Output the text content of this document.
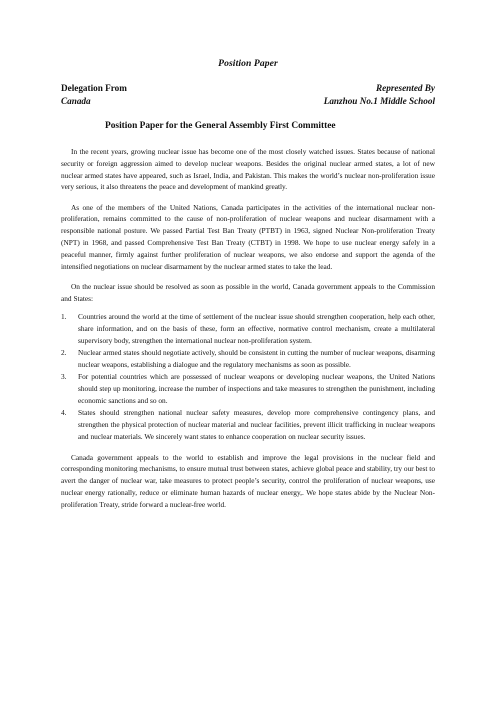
Position Paper
Delegation From	Represented By
Canada	Lanzhou No.1 Middle School
Position Paper for the General Assembly First Committee

In the recent years, growing nuclear issue has become one of the most closely watched issues. States because of national security or foreign aggression aimed to develop nuclear weapons. Besides the original nuclear armed states, a lot of new nuclear armed states have appeared, such as Israel, India, and Pakistan. This makes the world’s nuclear non-proliferation issue very serious, it also threatens the peace and development of mankind greatly.

As one of the members of the United Nations, Canada participates in the activities of the international nuclear non-proliferation, remains committed to the cause of non-proliferation of nuclear weapons and nuclear disarmament with a responsible national posture. We passed Partial Test Ban Treaty (PTBT) in 1963, signed Nuclear Non-proliferation Treaty (NPT) in 1968, and passed Comprehensive Test Ban Treaty (CTBT) in 1998. We hope to use nuclear energy safely in a peaceful manner, firmly against further proliferation of nuclear weapons, we also endorse and support the agenda of the intensified negotiations on nuclear disarmament by the nuclear armed states to take the lead.

On the nuclear issue should be resolved as soon as possible in the world, Canada government appeals to the Commission and States:

1.	Countries around the world at the time of settlement of the nuclear issue should strengthen cooperation, help each other, share information, and on the basis of these, form an effective, normative control mechanism, create a multilateral supervisory body, strengthen the international nuclear non-proliferation system.
2.	Nuclear armed states should negotiate actively, should be consistent in cutting the number of nuclear weapons, disarming nuclear weapons, establishing a dialogue and the regulatory mechanisms as soon as possible.
3.	For potential countries which are possessed of nuclear weapons or developing nuclear weapons, the United Nations should step up monitoring, increase the number of inspections and take measures to strengthen the punishment, including economic sanctions and so on.
4.	States should strengthen national nuclear safety measures, develop more comprehensive contingency plans, and strengthen the physical protection of nuclear material and nuclear facilities, prevent illicit trafficking in nuclear weapons and nuclear materials. We sincerely want states to enhance cooperation on nuclear security issues.

Canada government appeals to the world to establish and improve the legal provisions in the nuclear field and corresponding monitoring mechanisms, to ensure mutual trust between states, achieve global peace and stability, try our best to avert the danger of nuclear war, take measures to protect people’s security, control the proliferation of nuclear weapons, use nuclear energy rationally, reduce or eliminate human hazards of nuclear energy,. We hope states abide by the Nuclear Non-proliferation Treaty, stride forward a nuclear-free world.
